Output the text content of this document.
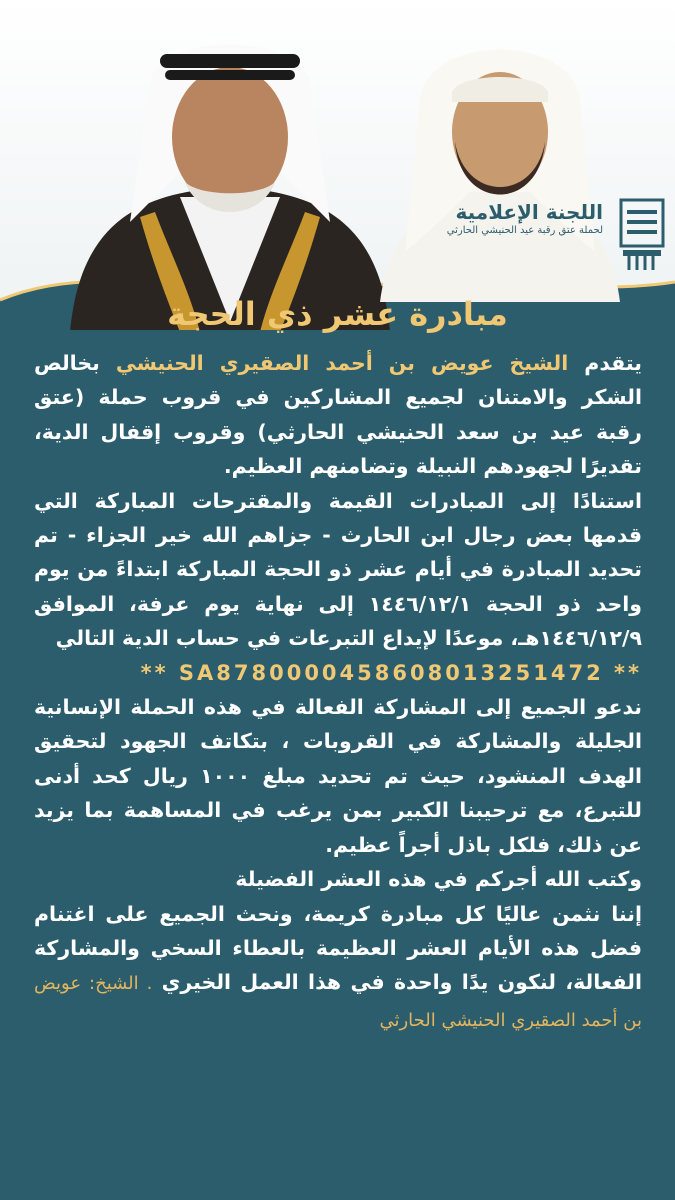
اللجنة الإعلامية
لحملة عتق رقبة عيد الحنيشي الحارثي
مبادرة عشر ذي الحجة

يتقدم الشيخ عويض بن أحمد الصقيري الحنيشي بخالص الشكر والامتنان لجميع المشاركين في قروب حملة (عتق رقبة عيد بن سعد الحنيشي الحارثي) وقروب إقفال الدية، تقديرًا لجهودهم النبيلة وتضامنهم العظيم.

استنادًا إلى المبادرات القيمة والمقترحات المباركة التي قدمها بعض رجال ابن الحارث - جزاهم الله خير الجزاء - تم تحديد المبادرة في أيام عشر ذو الحجة المباركة ابتداءً من يوم واحد ذو الحجة ١٤٤٦/١٢/١ إلى نهاية يوم عرفة، الموافق ١٤٤٦/١٢/٩هـ، موعدًا لإيداع التبرعات في حساب الدية التالي

** SA8780000458608013251472 **

ندعو الجميع إلى المشاركة الفعالة في هذه الحملة الإنسانية الجليلة والمشاركة في القروبات ، بتكاتف الجهود لتحقيق الهدف المنشود، حيث تم تحديد مبلغ ١٠٠٠ ريال كحد أدنى للتبرع، مع ترحيبنا الكبير بمن يرغب في المساهمة بما يزيد عن ذلك، فلكل باذل أجراً عظيم.

وكتب الله أجركم في هذه العشر الفضيلة

إننا نثمن عاليًا كل مبادرة كريمة، ونحث الجميع على اغتنام فضل هذه الأيام العشر العظيمة بالعطاء السخي والمشاركة الفعالة، لنكون يدًا واحدة في هذا العمل الخيري . الشيخ: عويض بن أحمد الصقيري الحنيشي الحارثي
